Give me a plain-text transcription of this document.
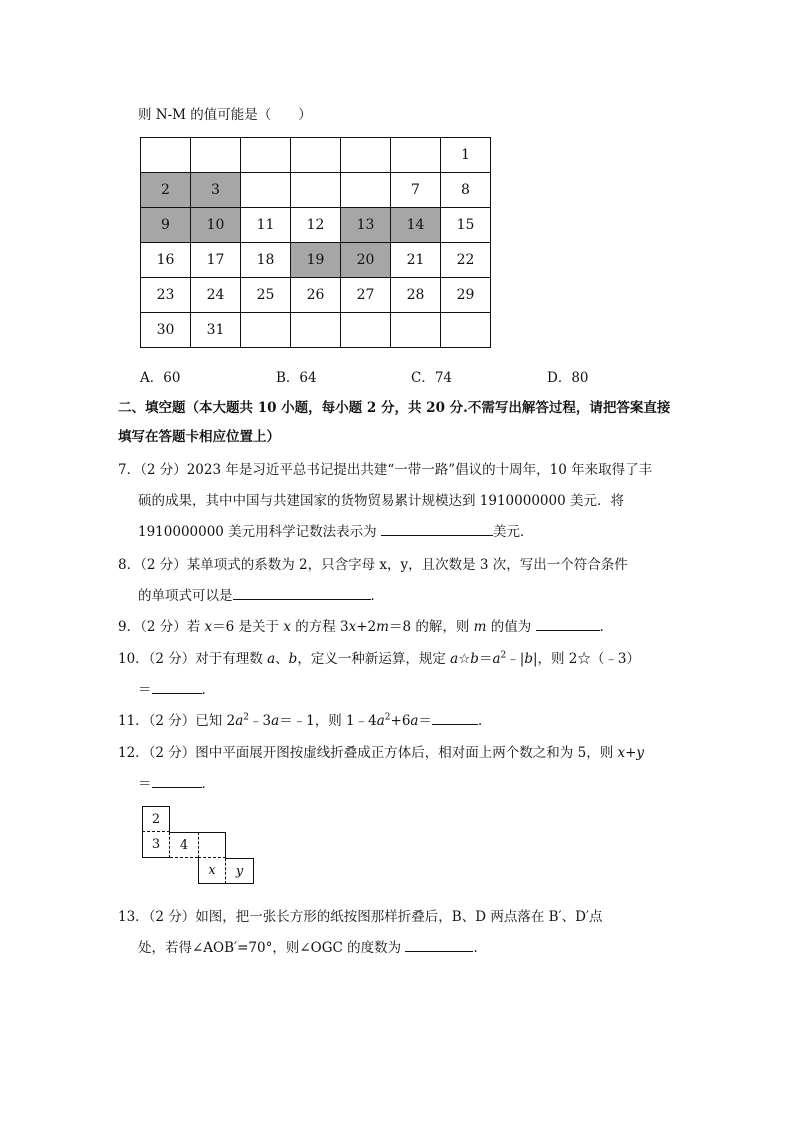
则 N-M 的值可能是（　　）
						1
2	3				7	8
9	10	11	12	13	14	15
16	17	18	19	20	21	22
23	24	25	26	27	28	29
30	31					
A．60	B．64	C．74	D．80
二、填空题（本大题共 10 小题，每小题 2 分，共 20 分.不需写出解答过程，请把答案直接
填写在答题卡相应位置上）
7．（2 分）2023 年是习近平总书记提出共建“一带一路”倡议的十周年，10 年来取得了丰
硕的成果，其中中国与共建国家的货物贸易累计规模达到 1910000000 美元．将
1910000000 美元用科学记数法表示为	美元．
8．（2 分）某单项式的系数为 2，只含字母 x，y，且次数是 3 次，写出一个符合条件
的单项式可以是	．
9．（2 分）若 x＝6 是关于 x 的方程 3x+2m＝8 的解，则 m 的值为	．
10．（2 分）对于有理数 a、b，定义一种新运算，规定 $a☆b=a^2﹣|b|$，则 2☆（﹣3）
＝	．
11．（2 分）已知 $2a^2﹣3a=﹣1$，则 $1﹣4a^2+6a=$	．
12．（2 分）图中平面展开图按虚线折叠成正方体后，相对面上两个数之和为 5，则 x+y
＝	．
2
3	4
x	y
13．（2 分）如图，把一张长方形的纸按图那样折叠后，B、D 两点落在 B′、D′点
处，若得∠AOB′=70°，则∠OGC 的度数为	．
